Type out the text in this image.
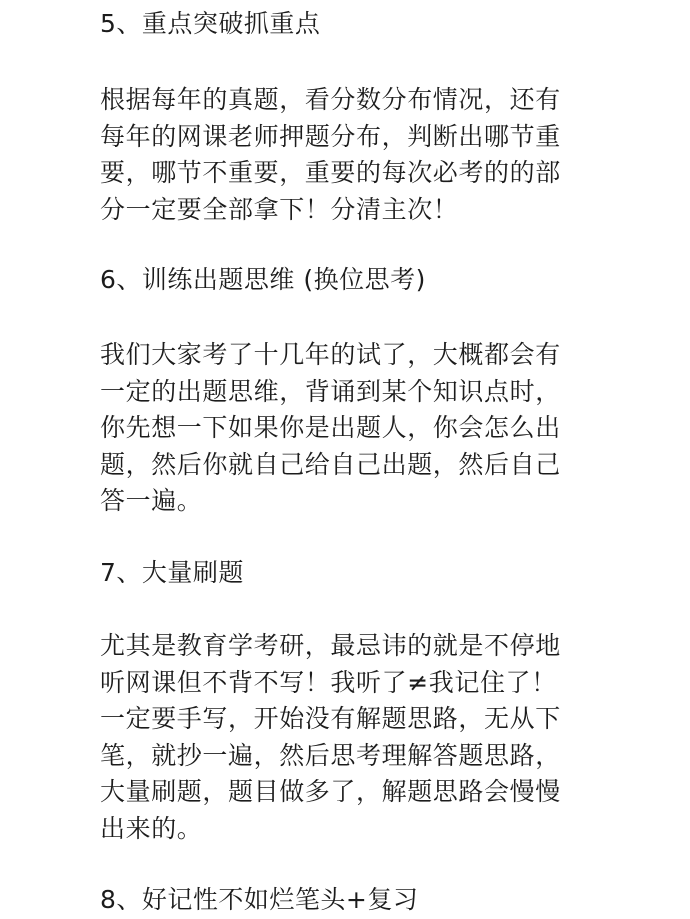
5、重点突破抓重点
根据每年的真题，看分数分布情况，还有
每年的网课老师押题分布，判断出哪节重
要，哪节不重要，重要的每次必考的的部
分一定要全部拿下！分清主次！
6、训练出题思维 (换位思考)
我们大家考了十几年的试了，大概都会有
一定的出题思维，背诵到某个知识点时，
你先想一下如果你是出题人，你会怎么出
题，然后你就自己给自己出题，然后自己
答一遍。
7、大量刷题
尤其是教育学考研，最忌讳的就是不停地
听网课但不背不写！我听了≠我记住了！
一定要手写，开始没有解题思路，无从下
笔，就抄一遍，然后思考理解答题思路，
大量刷题，题目做多了，解题思路会慢慢
出来的。
8、好记性不如烂笔头+复习
